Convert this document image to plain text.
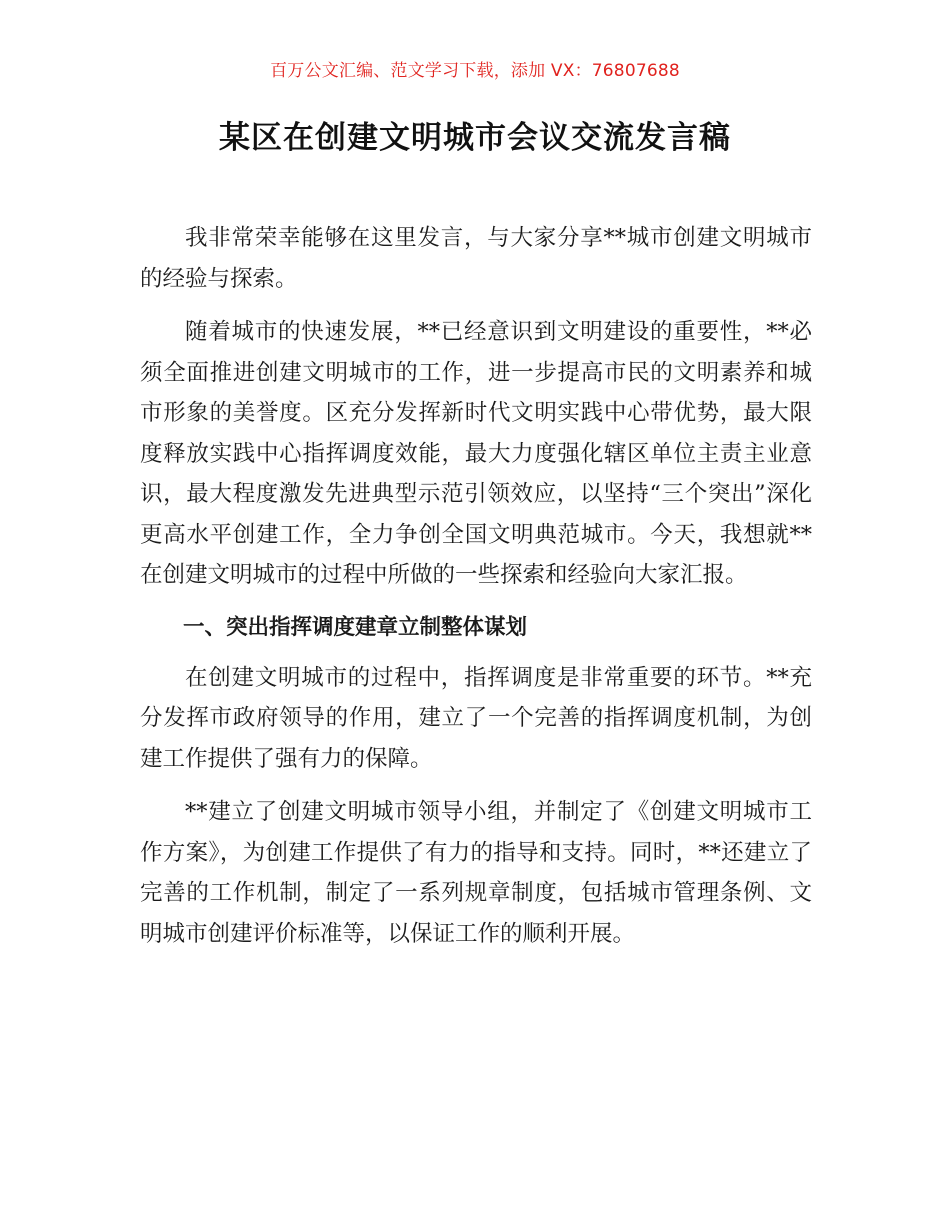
百万公文汇编、范文学习下载，添加 VX：76807688
某区在创建文明城市会议交流发言稿

我非常荣幸能够在这里发言，与大家分享**城市创建文明城市的经验与探索。

随着城市的快速发展，**已经意识到文明建设的重要性，**必须全面推进创建文明城市的工作，进一步提高市民的文明素养和城市形象的美誉度。区充分发挥新时代文明实践中心带优势，最大限度释放实践中心指挥调度效能，最大力度强化辖区单位主责主业意识，最大程度激发先进典型示范引领效应，以坚持“三个突出”深化更高水平创建工作，全力争创全国文明典范城市。今天，我想就**在创建文明城市的过程中所做的一些探索和经验向大家汇报。

一、突出指挥调度建章立制整体谋划

在创建文明城市的过程中，指挥调度是非常重要的环节。**充分发挥市政府领导的作用，建立了一个完善的指挥调度机制，为创建工作提供了强有力的保障。

**建立了创建文明城市领导小组，并制定了《创建文明城市工作方案》，为创建工作提供了有力的指导和支持。同时，**还建立了完善的工作机制，制定了一系列规章制度，包括城市管理条例、文明城市创建评价标准等，以保证工作的顺利开展。
